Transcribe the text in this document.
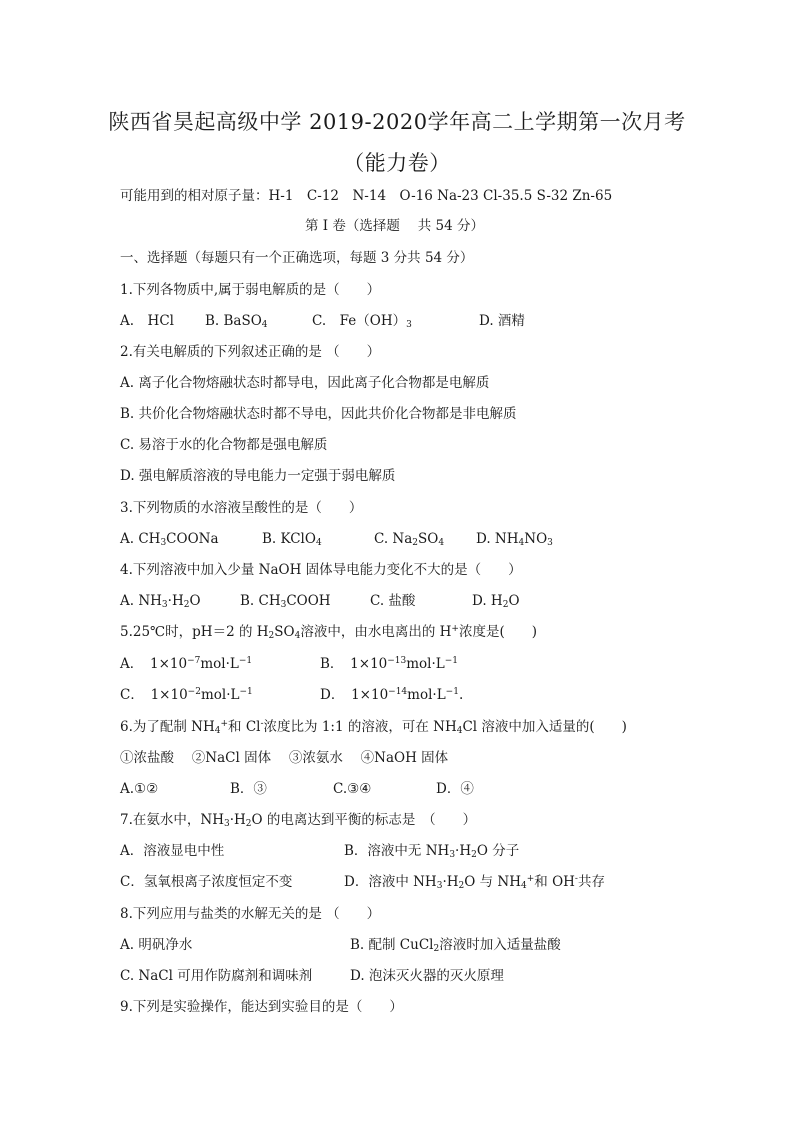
陕西省昊起高级中学 2019-2020学年高二上学期第一次月考
（能力卷）
可能用到的相对原子量：H-1　C-12　N-14　O-16 Na-23 Cl-35.5 S-32 Zn-65
第 I 卷（选择题　 共 54 分）
一、选择题（每题只有一个正确选项，每题 3 分共 54 分）
1.下列各物质中,属于弱电解质的是（　　）
A.　HCl B. BaSO$_4$	C.　$Fe(OH)_3$	D. 酒精
2.有关电解质的下列叙述正确的是 （　　）
A. 离子化合物熔融状态时都导电，因此离子化合物都是电解质
B. 共价化合物熔融状态时都不导电，因此共价化合物都是非电解质
C. 易溶于水的化合物都是强电解质
D. 强电解质溶液的导电能力一定强于弱电解质
3.下列物质的水溶液呈酸性的是（　　）
A. $CH_3COONa$	B. KClO$_4$	C. $Na_2SO_4$ D. $NH_4NO_3$
4.下列溶液中加入少量 NaOH 固体导电能力变化不大的是（　　）
A. $NH_3\cdot H_2O$	B. $CH_3COOH$	C. 盐酸	D. $H_2O$
5.25℃时，pH＝2 的 $H_2SO_4$溶液中，由水电离出的 H+浓度是(　　)
A．　$1\times 10^{-7}mol\cdot L^{-1}$	B．　$1\times 10^{-13}mol\cdot L^{-1}$
C．　$1\times 10^{-2}mol\cdot L^{-1}$	D．　$1\times 10^{-14}mol\cdot L^{-1}$.
6.为了配制 $NH_4^+$和 Cl-浓度比为 1:1 的溶液，可在 $NH_4Cl$ 溶液中加入适量的(　　)
①浓盐酸　 ②NaCl 固体　 ③浓氨水　 ④NaOH 固体
A.①②	B．③	C.③④	D．④
7.在氨水中，$NH_3\cdot H_2O$ 的电离达到平衡的标志是　（　　）
A．溶液显电中性	B．溶液中无 $NH_3\cdot H_2O$ 分子
C．氢氧根离子浓度恒定不变	D．溶液中 $NH_3\cdot H_2O$ 与 $NH_4^+$和 OH-共存
8.下列应用与盐类的水解无关的是 （　　）
A. 明矾净水	B. 配制 CuCl$_2$溶液时加入适量盐酸
C. NaCl 可用作防腐剂和调味剂	D. 泡沫灭火器的灭火原理
9.下列是实验操作，能达到实验目的是（　　）
